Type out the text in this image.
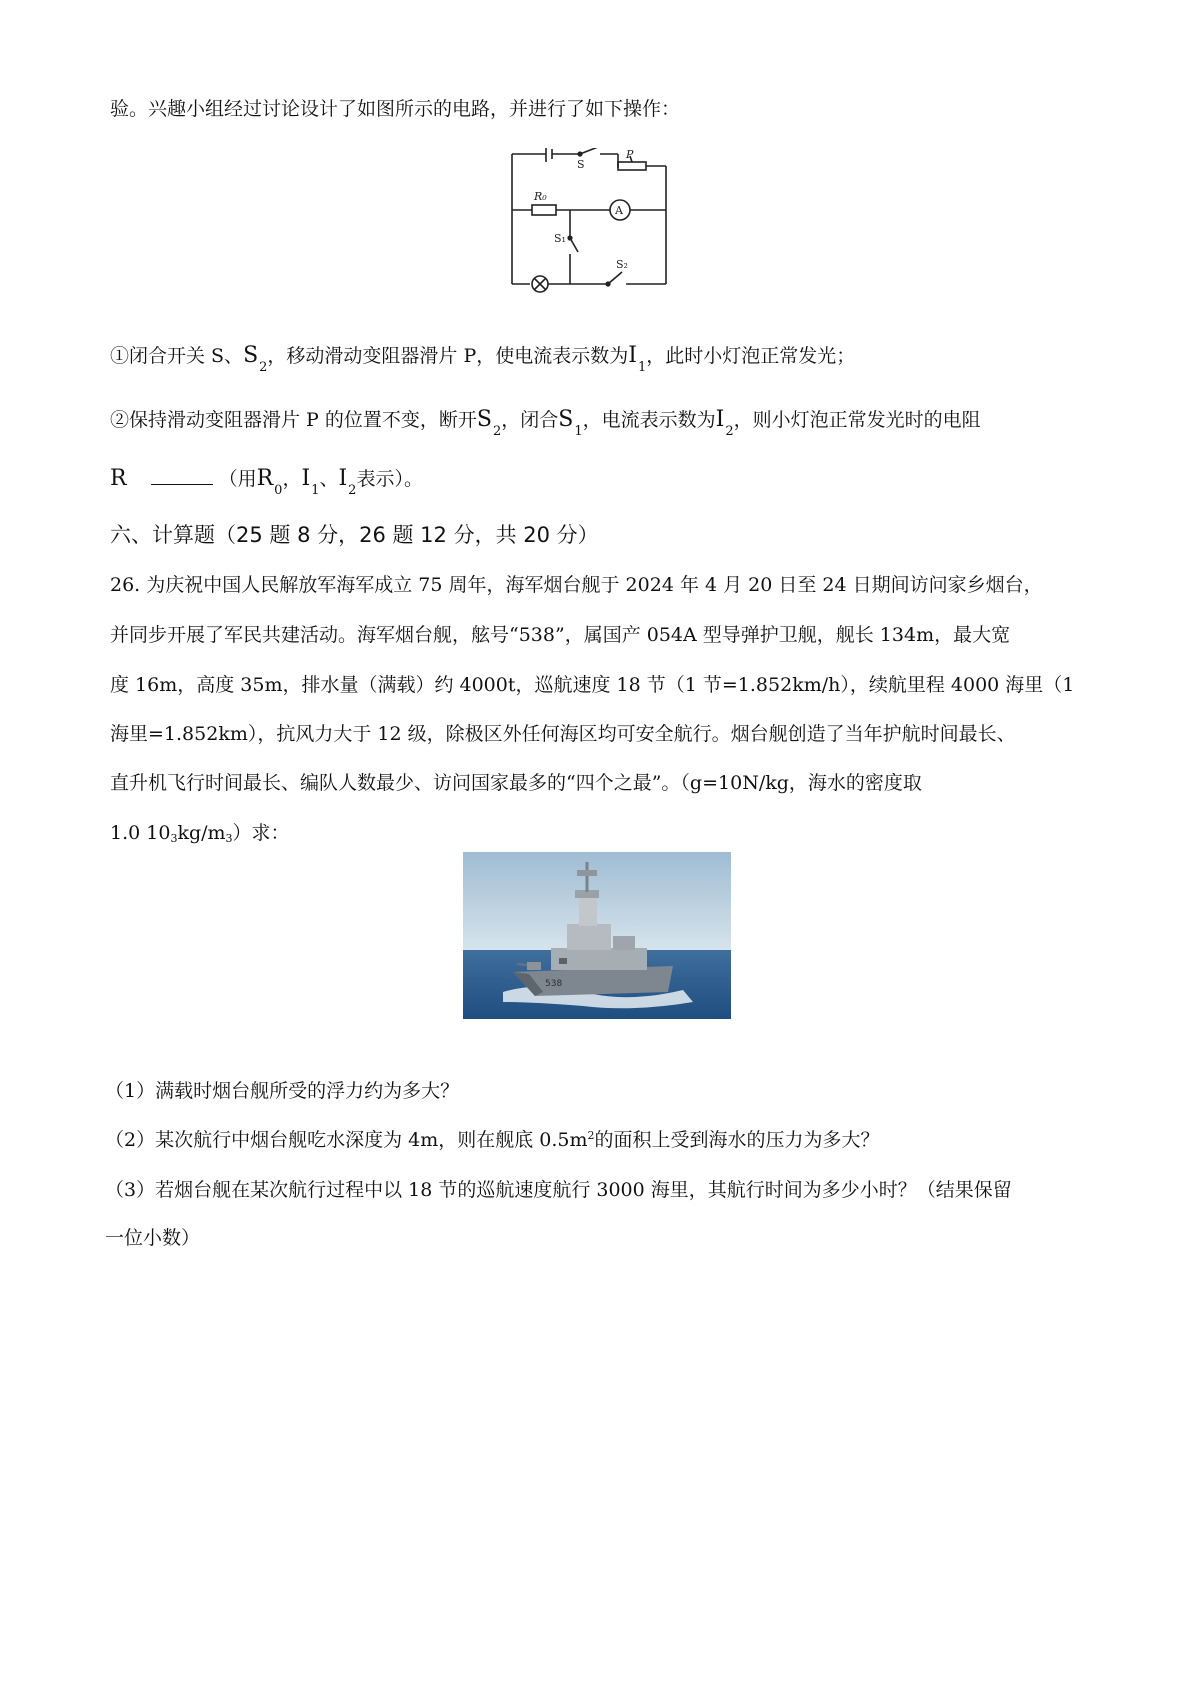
验。兴趣小组经过讨论设计了如图所示的电路，并进行了如下操作：
S
P
R₀
A
S₁
S₂
①闭合开关 S、$S_2$，移动滑动变阻器滑片 P，使电流表示数为$I_1$，此时小灯泡正常发光；
②保持滑动变阻器滑片 P 的位置不变，断开$S_2$，闭合$S_1$，电流表示数为$I_2$，则小灯泡正常发光时的电阻
R	（用$R_0$，$I_1$、$I_2$表示）。
六、计算题（25 题 8 分，26 题 12 分，共 20 分）
26. 为庆祝中国人民解放军海军成立 75 周年，海军烟台舰于 2024 年 4 月 20 日至 24 日期间访问家乡烟台，
并同步开展了军民共建活动。海军烟台舰，舷号“538”，属国产 054A 型导弹护卫舰，舰长 134m，最大宽
度 16m，高度 35m，排水量（满载）约 4000t，巡航速度 18 节（1 节=1.852km/h），续航里程 4000 海里（1
海里=1.852km），抗风力大于 12 级，除极区外任何海区均可安全航行。烟台舰创造了当年护航时间最长、
直升机飞行时间最长、编队人数最少、访问国家最多的“四个之最”。（g=10N/kg，海水的密度取
1.0 103kg/m3）求：
538
（1）满载时烟台舰所受的浮力约为多大？
（2）某次航行中烟台舰吃水深度为 4m，则在舰底 $0.5m^2$的面积上受到海水的压力为多大？
（3）若烟台舰在某次航行过程中以 18 节的巡航速度航行 3000 海里，其航行时间为多少小时？（结果保留
一位小数）
